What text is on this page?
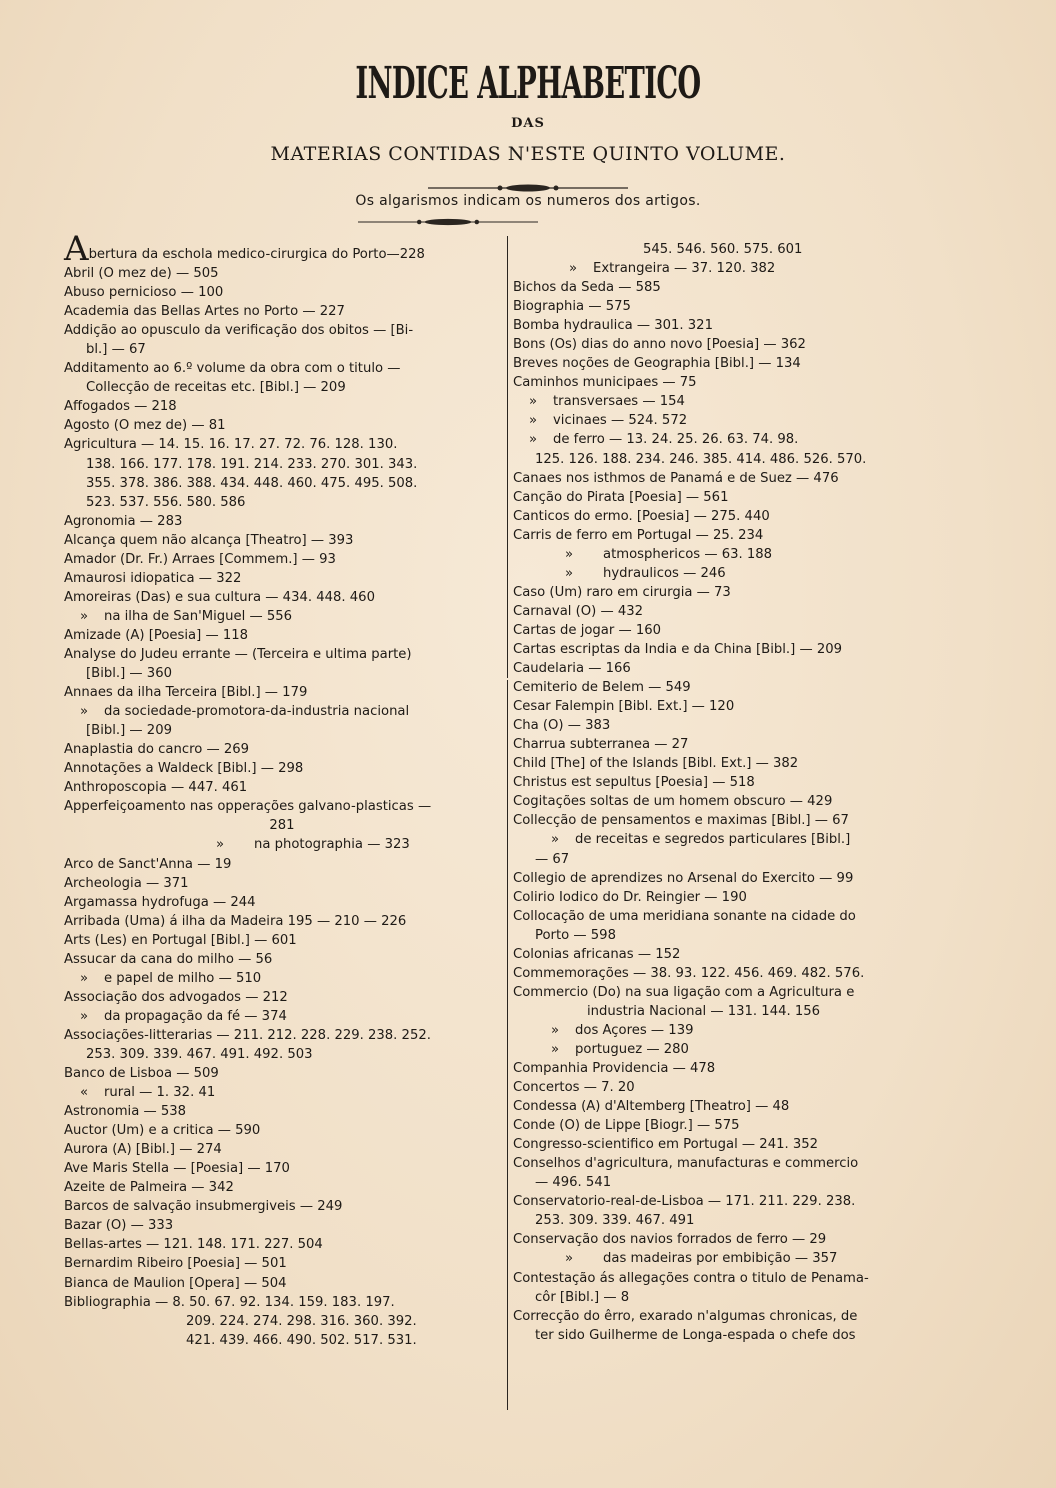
INDICE ALPHABETICO
DAS
MATERIAS CONTIDAS N'ESTE QUINTO VOLUME.
Os algarismos indicam os numeros dos artigos.
Abertura da eschola medico-cirurgica do Porto—228
Abril (O mez de) — 505
Abuso pernicioso — 100
Academia das Bellas Artes no Porto — 227
Addição ao opusculo da verificação dos obitos — [Bi-
bl.] — 67
Additamento ao 6.º volume da obra com o titulo —
Collecção de receitas etc. [Bibl.] — 209
Affogados — 218
Agosto (O mez de) — 81
Agricultura — 14. 15. 16. 17. 27. 72. 76. 128. 130.
138. 166. 177. 178. 191. 214. 233. 270. 301. 343.
355. 378. 386. 388. 434. 448. 460. 475. 495. 508.
523. 537. 556. 580. 586
Agronomia — 283
Alcança quem não alcança [Theatro] — 393
Amador (Dr. Fr.) Arraes [Commem.] — 93
Amaurosi idiopatica — 322
Amoreiras (Das) e sua cultura — 434. 448. 460
» na ilha de San'Miguel — 556
Amizade (A) [Poesia] — 118
Analyse do Judeu errante — (Terceira e ultima parte)
[Bibl.] — 360
Annaes da ilha Terceira [Bibl.] — 179
» da sociedade-promotora-da-industria nacional
[Bibl.] — 209
Anaplastia do cancro — 269
Annotações a Waldeck [Bibl.] — 298
Anthroposcopia — 447. 461
Apperfeiçoamento nas opperações galvano-plasticas —
281
» na photographia — 323
Arco de Sanct'Anna — 19
Archeologia — 371
Argamassa hydrofuga — 244
Arribada (Uma) á ilha da Madeira 195 — 210 — 226
Arts (Les) en Portugal [Bibl.] — 601
Assucar da cana do milho — 56
» e papel de milho — 510
Associação dos advogados — 212
» da propagação da fé — 374
Associações-litterarias — 211. 212. 228. 229. 238. 252.
253. 309. 339. 467. 491. 492. 503
Banco de Lisboa — 509
« rural — 1. 32. 41
Astronomia — 538
Auctor (Um) e a critica — 590
Aurora (A) [Bibl.] — 274
Ave Maris Stella — [Poesia] — 170
Azeite de Palmeira — 342
Barcos de salvação insubmergiveis — 249
Bazar (O) — 333
Bellas-artes — 121. 148. 171. 227. 504
Bernardim Ribeiro [Poesia] — 501
Bianca de Maulion [Opera] — 504
Bibliographia — 8. 50. 67. 92. 134. 159. 183. 197.
209. 224. 274. 298. 316. 360. 392.
421. 439. 466. 490. 502. 517. 531.
545. 546. 560. 575. 601
» Extrangeira — 37. 120. 382
Bichos da Seda — 585
Biographia — 575
Bomba hydraulica — 301. 321
Bons (Os) dias do anno novo [Poesia] — 362
Breves noções de Geographia [Bibl.] — 134
Caminhos municipaes — 75
» transversaes — 154
» vicinaes — 524. 572
» de ferro — 13. 24. 25. 26. 63. 74. 98.
125. 126. 188. 234. 246. 385. 414. 486. 526. 570.
Canaes nos isthmos de Panamá e de Suez — 476
Canção do Pirata [Poesia] — 561
Canticos do ermo. [Poesia] — 275. 440
Carris de ferro em Portugal — 25. 234
» atmosphericos — 63. 188
» hydraulicos — 246
Caso (Um) raro em cirurgia — 73
Carnaval (O) — 432
Cartas de jogar — 160
Cartas escriptas da India e da China [Bibl.] — 209
Caudelaria — 166
Cemiterio de Belem — 549
Cesar Falempin [Bibl. Ext.] — 120
Cha (O) — 383
Charrua subterranea — 27
Child [The] of the Islands [Bibl. Ext.] — 382
Christus est sepultus [Poesia] — 518
Cogitações soltas de um homem obscuro — 429
Collecção de pensamentos e maximas [Bibl.] — 67
» de receitas e segredos particulares [Bibl.]
— 67
Collegio de aprendizes no Arsenal do Exercito — 99
Colirio Iodico do Dr. Reingier — 190
Collocação de uma meridiana sonante na cidade do
Porto — 598
Colonias africanas — 152
Commemorações — 38. 93. 122. 456. 469. 482. 576.
Commercio (Do) na sua ligação com a Agricultura e
industria Nacional — 131. 144. 156
» dos Açores — 139
» portuguez — 280
Companhia Providencia — 478
Concertos — 7. 20
Condessa (A) d'Altemberg [Theatro] — 48
Conde (O) de Lippe [Biogr.] — 575
Congresso-scientifico em Portugal — 241. 352
Conselhos d'agricultura, manufacturas e commercio
— 496. 541
Conservatorio-real-de-Lisboa — 171. 211. 229. 238.
253. 309. 339. 467. 491
Conservação dos navios forrados de ferro — 29
» das madeiras por embibição — 357
Contestação ás allegações contra o titulo de Penama-
côr [Bibl.] — 8
Correcção do êrro, exarado n'algumas chronicas, de
ter sido Guilherme de Longa-espada o chefe dos
